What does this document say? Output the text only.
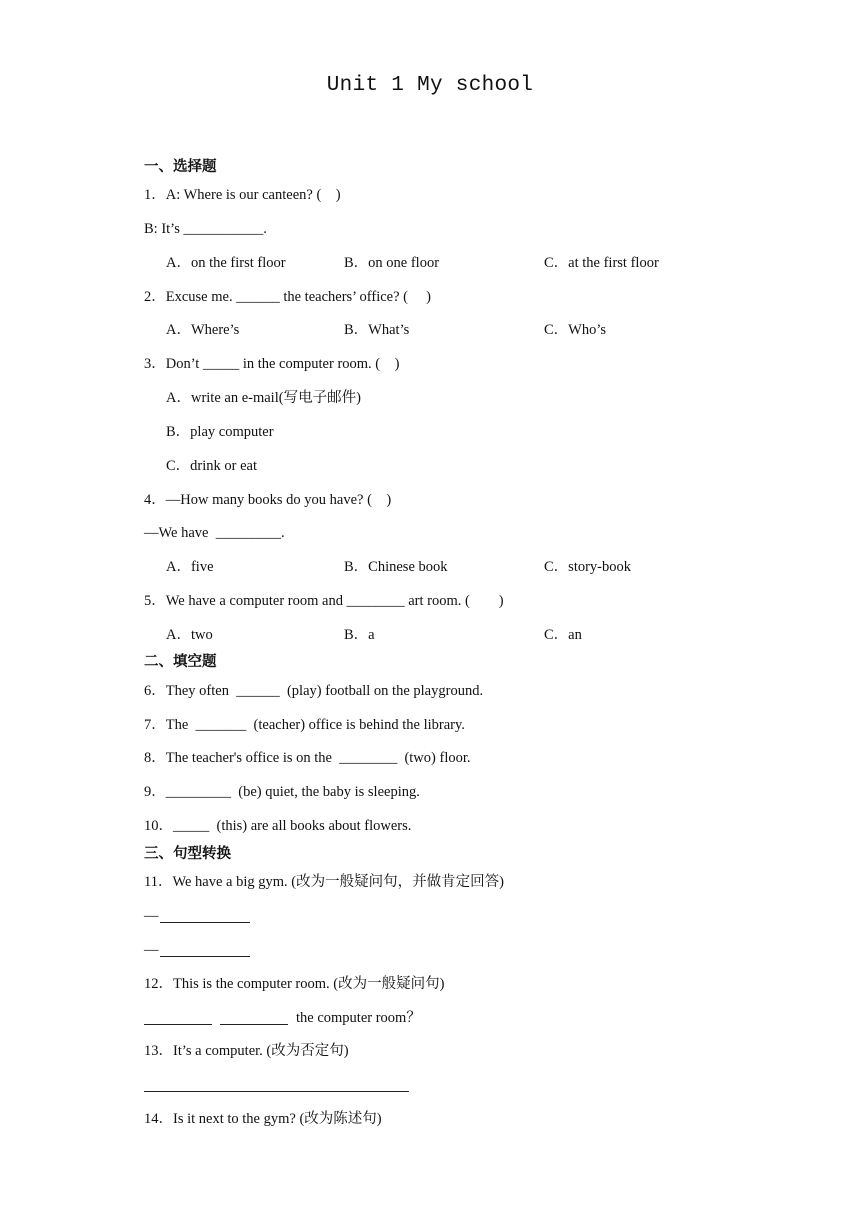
Unit 1 My school
一、选择题
1．A: Where is our canteen? (    )
B: It’s ___________.
A．on the first floor	B．on one floor	C．at the first floor
2．Excuse me. ______ the teachers’ office? (     )
A．Where’s	B．What’s	C．Who’s
3．Don’t _____ in the computer room. (    )
A．write an e-mail(写电子邮件)
B．play computer
C．drink or eat
4．—How many books do you have? (    )
—We have  _________.
A．five	B．Chinese book	C．story-book
5．We have a computer room and ________ art room. (        )
A．two	B．a	C．an
二、填空题
6．They often  ______  (play) football on the playground.
7．The  _______  (teacher) office is behind the library.
8．The teacher's office is on the  ________  (two) floor.
9．_________  (be) quiet, the baby is sleeping.
10．_____  (this) are all books about flowers.
三、句型转换
11．We have a big gym. (改为一般疑问句，并做肯定回答)
—
—
12．This is the computer room. (改为一般疑问句)
the computer room？
13．It’s a computer. (改为否定句)
14．Is it next to the gym? (改为陈述句)
